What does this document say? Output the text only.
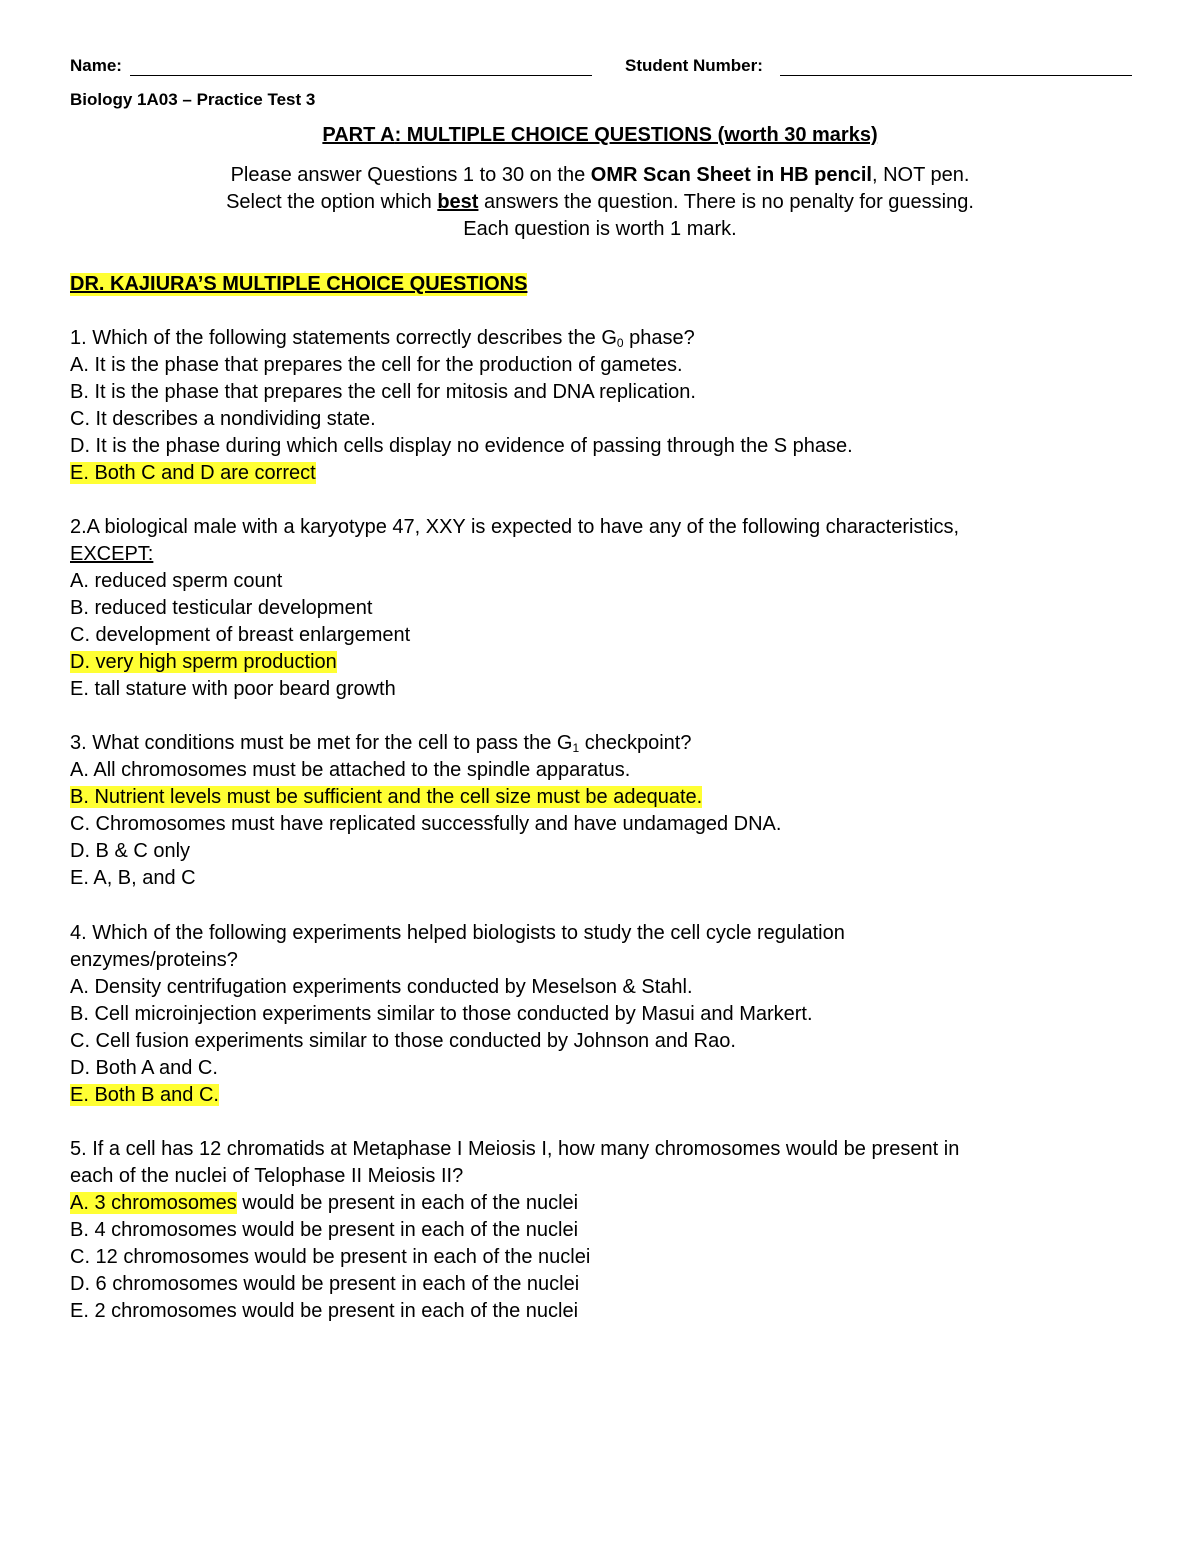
Name:	Student Number:
Biology 1A03 – Practice Test 3
PART A: MULTIPLE CHOICE QUESTIONS (worth 30 marks)
Please answer Questions 1 to 30 on the OMR Scan Sheet in HB pencil, NOT pen.
Select the option which best answers the question. There is no penalty for guessing.
Each question is worth 1 mark.
DR. KAJIURA’S MULTIPLE CHOICE QUESTIONS
1. Which of the following statements correctly describes the $G_0$ phase?
A. It is the phase that prepares the cell for the production of gametes.
B. It is the phase that prepares the cell for mitosis and DNA replication.
C. It describes a nondividing state.
D. It is the phase during which cells display no evidence of passing through the S phase.
E. Both C and D are correct
2.A biological male with a karyotype 47, XXY is expected to have any of the following characteristics,
EXCEPT:
A. reduced sperm count
B. reduced testicular development
C. development of breast enlargement
D. very high sperm production
E. tall stature with poor beard growth
3. What conditions must be met for the cell to pass the $G_1$ checkpoint?
A. All chromosomes must be attached to the spindle apparatus.
B. Nutrient levels must be sufficient and the cell size must be adequate.
C. Chromosomes must have replicated successfully and have undamaged DNA.
D. B & C only
E. A, B, and C
4. Which of the following experiments helped biologists to study the cell cycle regulation
enzymes/proteins?
A. Density centrifugation experiments conducted by Meselson & Stahl.
B. Cell microinjection experiments similar to those conducted by Masui and Markert.
C. Cell fusion experiments similar to those conducted by Johnson and Rao.
D. Both A and C.
E. Both B and C.
5. If a cell has 12 chromatids at Metaphase I Meiosis I, how many chromosomes would be present in
each of the nuclei of Telophase II Meiosis II?
A. 3 chromosomes would be present in each of the nuclei
B. 4 chromosomes would be present in each of the nuclei
C. 12 chromosomes would be present in each of the nuclei
D. 6 chromosomes would be present in each of the nuclei
E. 2 chromosomes would be present in each of the nuclei
